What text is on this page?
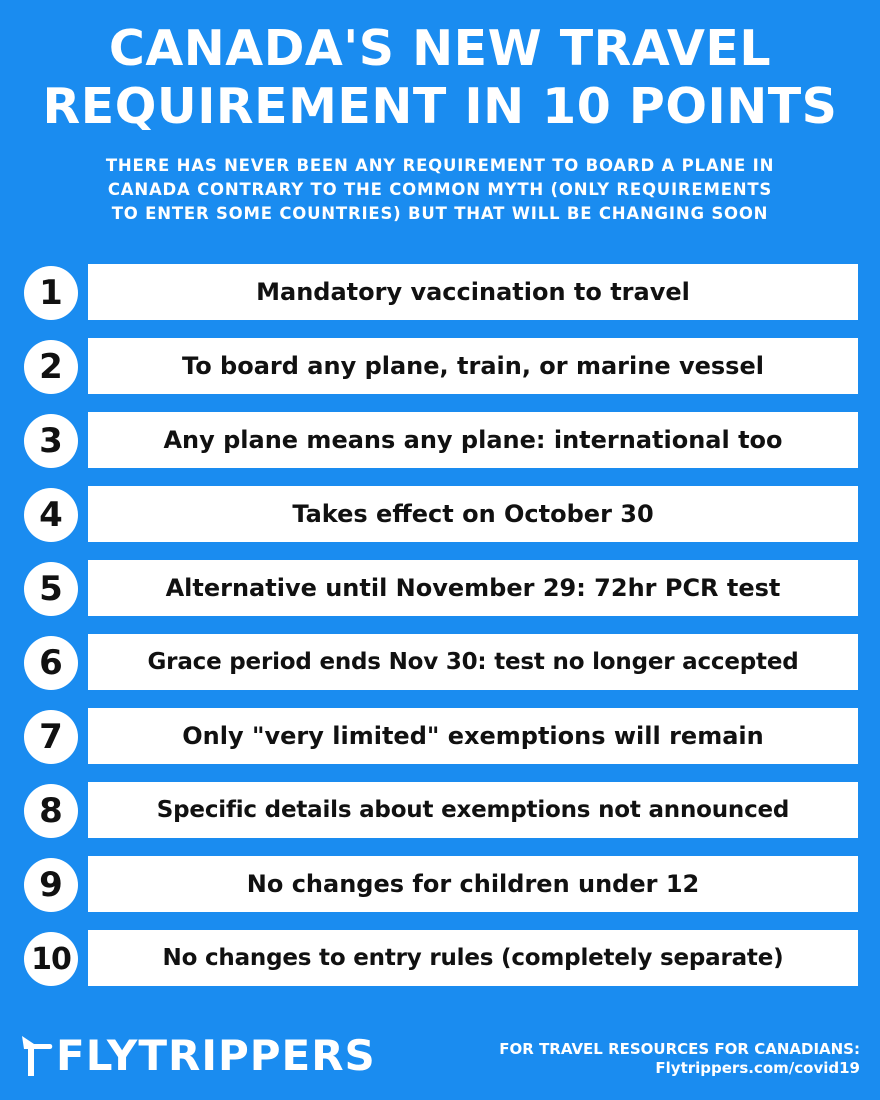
CANADA'S NEW TRAVEL
REQUIREMENT IN 10 POINTS

THERE HAS NEVER BEEN ANY REQUIREMENT TO BOARD A PLANE IN
CANADA CONTRARY TO THE COMMON MYTH (ONLY REQUIREMENTS
TO ENTER SOME COUNTRIES) BUT THAT WILL BE CHANGING SOON

1	Mandatory vaccination to travel
2	To board any plane, train, or marine vessel
3	Any plane means any plane: international too
4	Takes effect on October 30
5	Alternative until November 29: 72hr PCR test
6	Grace period ends Nov 30: test no longer accepted
7	Only "very limited" exemptions will remain
8	Specific details about exemptions not announced
9	No changes for children under 12
10	No changes to entry rules (completely separate)
FLYTRIPPERS	FOR TRAVEL RESOURCES FOR CANADIANS:
Flytrippers.com/covid19
